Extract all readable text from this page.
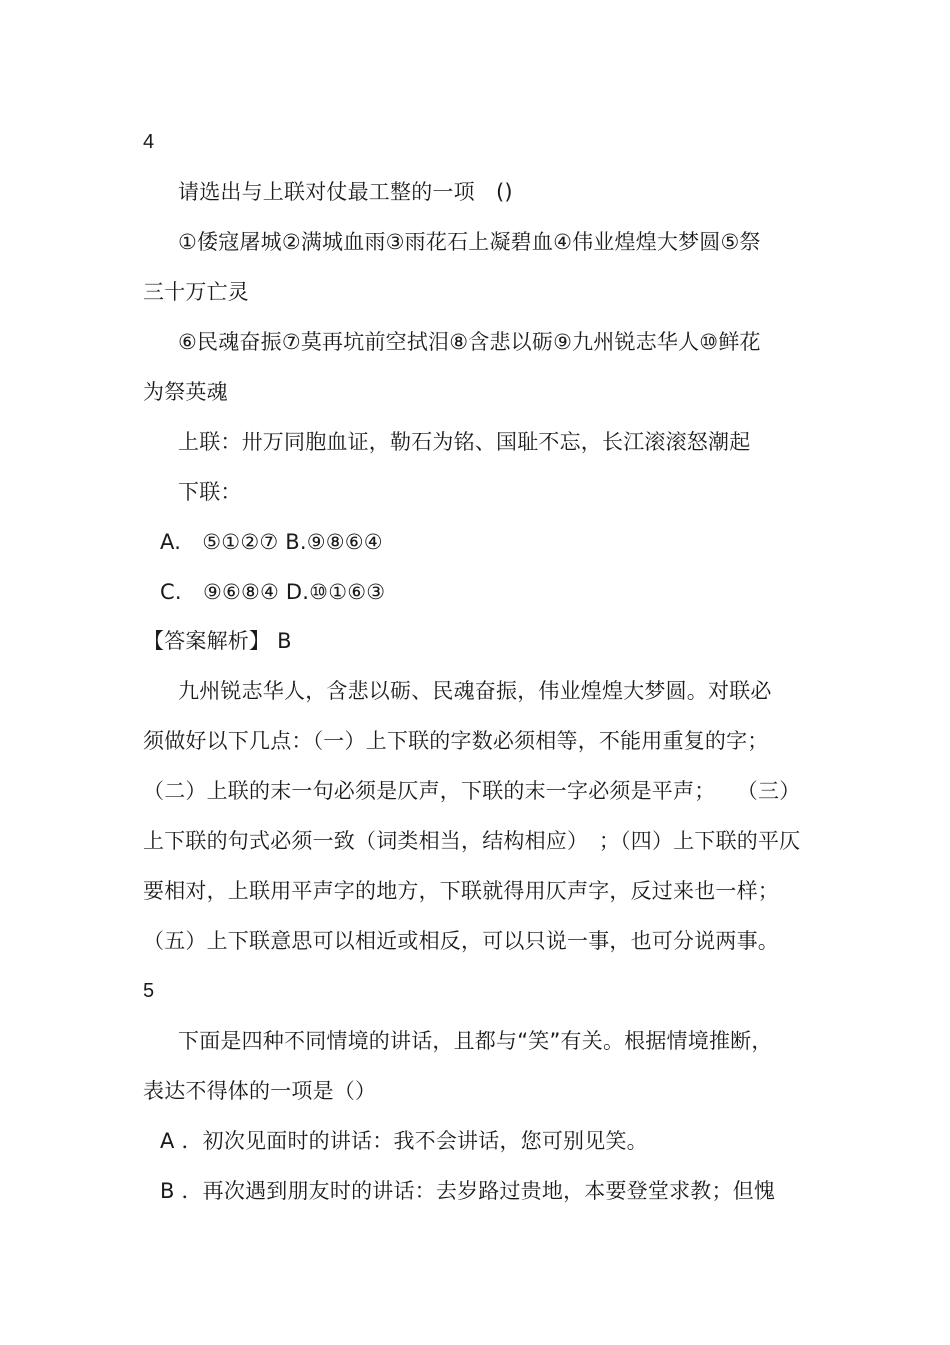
4
请选出与上联对仗最工整的一项　()
①倭寇屠城②满城血雨③雨花石上凝碧血④伟业煌煌大梦圆⑤祭
三十万亡灵
⑥民魂奋振⑦莫再坑前空拭泪⑧含悲以砺⑨九州锐志华人⑩鲜花
为祭英魂
上联：卅万同胞血证，勒石为铭、国耻不忘，长江滚滚怒潮起
下联：
A.　⑤①②⑦ B.⑨⑧⑥④
C.　⑨⑥⑧④ D.⑩①⑥③
【答案解析】 B
九州锐志华人，含悲以砺、民魂奋振，伟业煌煌大梦圆。对联必
须做好以下几点：（一）上下联的字数必须相等，不能用重复的字；
（二）上联的末一句必须是仄声，下联的末一字必须是平声；　　（三）
上下联的句式必须一致（词类相当，结构相应）　；（四）上下联的平仄
要相对，上联用平声字的地方，下联就得用仄声字，反过来也一样；
（五）上下联意思可以相近或相反，可以只说一事，也可分说两事。
5
下面是四种不同情境的讲话，且都与“笑”有关。根据情境推断，
表达不得体的一项是（）
A ．初次见面时的讲话：我不会讲话，您可别见笑。
B ．再次遇到朋友时的讲话：去岁路过贵地，本要登堂求教；但愧
